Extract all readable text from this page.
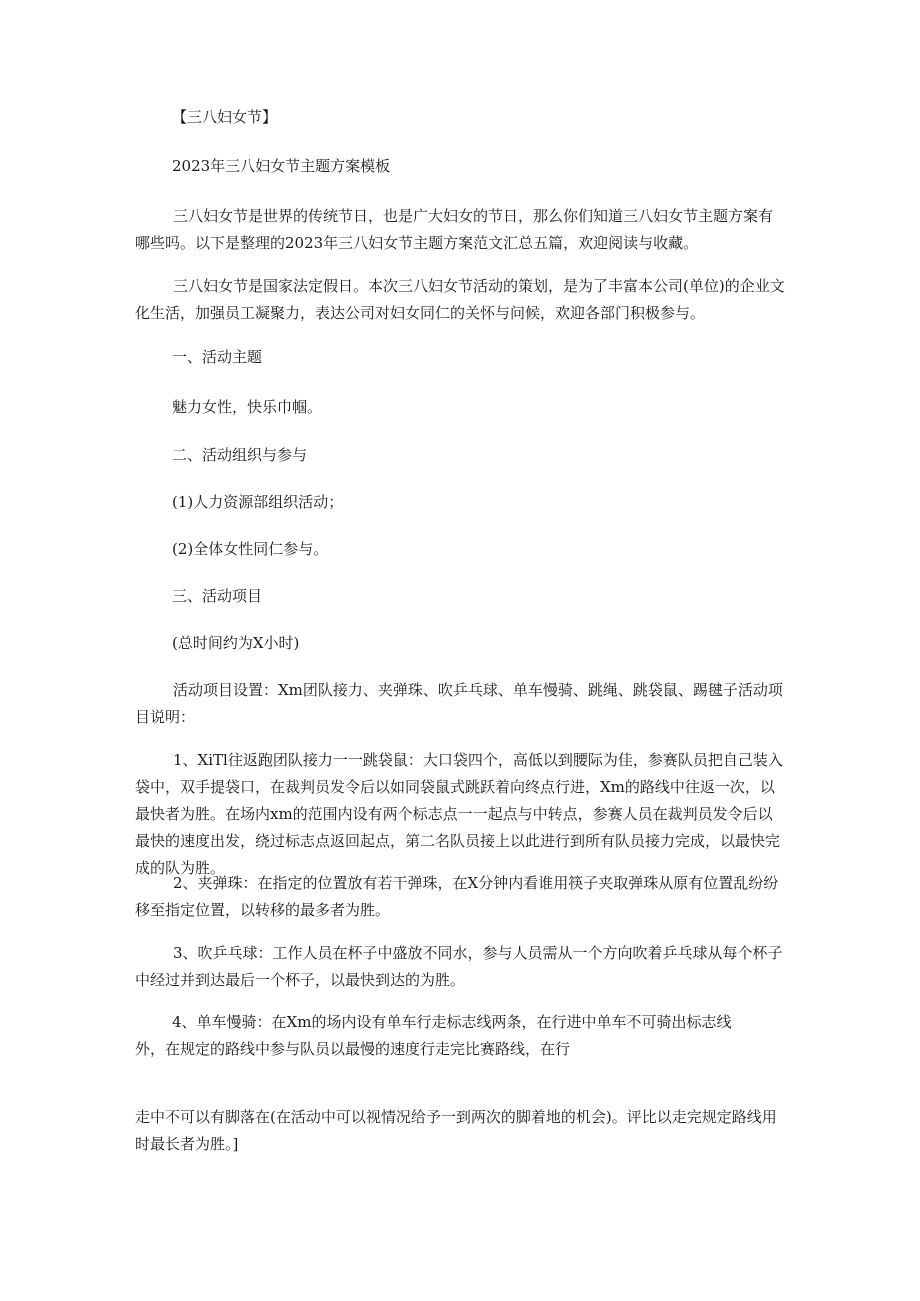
【三八妇女节】

2023年三八妇女节主题方案模板

三八妇女节是世界的传统节日，也是广大妇女的节日，那么你们知道三八妇女节主题方案有哪些吗。以下是整理的2023年三八妇女节主题方案范文汇总五篇，欢迎阅读与收藏。

三八妇女节是国家法定假日。本次三八妇女节活动的策划，是为了丰富本公司(单位)的企业文化生活，加强员工凝聚力，表达公司对妇女同仁的关怀与问候，欢迎各部门积极参与。

一、活动主题

魅力女性，快乐巾帼。

二、活动组织与参与

(1)人力资源部组织活动；

(2)全体女性同仁参与。

三、活动项目

(总时间约为X小时)

活动项目设置：Xm团队接力、夹弹珠、吹乒乓球、单车慢骑、跳绳、跳袋鼠、踢毽子活动项目说明：

1、XiTl往返跑团队接力一一跳袋鼠：大口袋四个，高低以到腰际为佳，参赛队员把自己装入袋中，双手提袋口，在裁判员发令后以如同袋鼠式跳跃着向终点行进，Xm的路线中往返一次，以最快者为胜。在场内xm的范围内设有两个标志点一一起点与中转点，参赛人员在裁判员发令后以最快的速度出发，绕过标志点返回起点，第二名队员接上以此进行到所有队员接力完成，以最快完成的队为胜。

2、夹弹珠：在指定的位置放有若干弹珠，在X分钟内看谁用筷子夹取弹珠从原有位置乱纷纷移至指定位置，以转移的最多者为胜。

3、吹乒乓球：工作人员在杯子中盛放不同水，参与人员需从一个方向吹着乒乓球从每个杯子中经过并到达最后一个杯子，以最快到达的为胜。

4、单车慢骑：在Xm的场内设有单车行走标志线两条，在行进中单车不可骑出标志线

外，在规定的路线中参与队员以最慢的速度行走完比赛路线，在行

走中不可以有脚落在(在活动中可以视情况给予一到两次的脚着地的机会)。评比以走完规定路线用时最长者为胜。]
